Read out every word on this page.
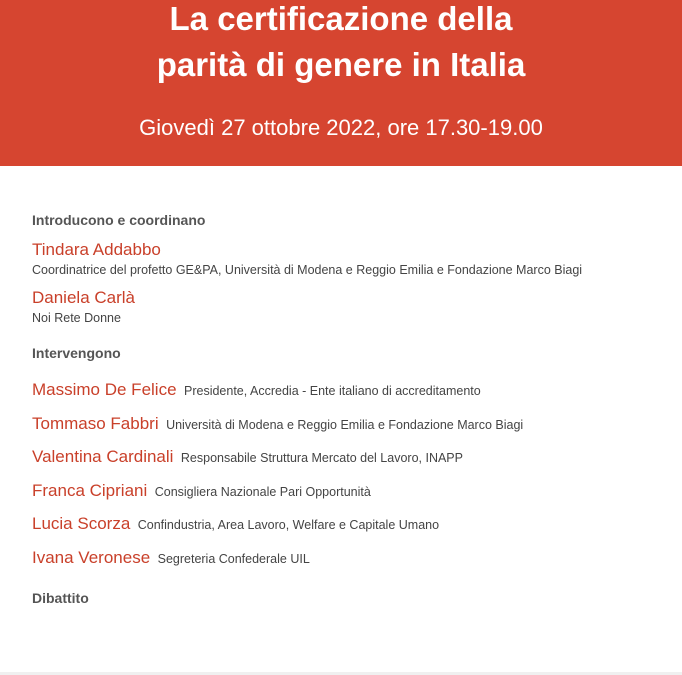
La certificazione della
parità di genere in Italia
Giovedì 27 ottobre 2022, ore 17.30-19.00
Introducono e coordinano
Tindara Addabbo
Coordinatrice del profetto GE&PA, Università di Modena e Reggio Emilia e Fondazione Marco Biagi
Daniela Carlà
Noi Rete Donne
Intervengono
Massimo De Felice Presidente, Accredia - Ente italiano di accreditamento
Tommaso Fabbri Università di Modena e Reggio Emilia e Fondazione Marco Biagi
Valentina Cardinali Responsabile Struttura Mercato del Lavoro, INAPP
Franca Cipriani Consigliera Nazionale Pari Opportunità
Lucia Scorza Confindustria, Area Lavoro, Welfare e Capitale Umano
Ivana Veronese Segreteria Confederale UIL
Dibattito
